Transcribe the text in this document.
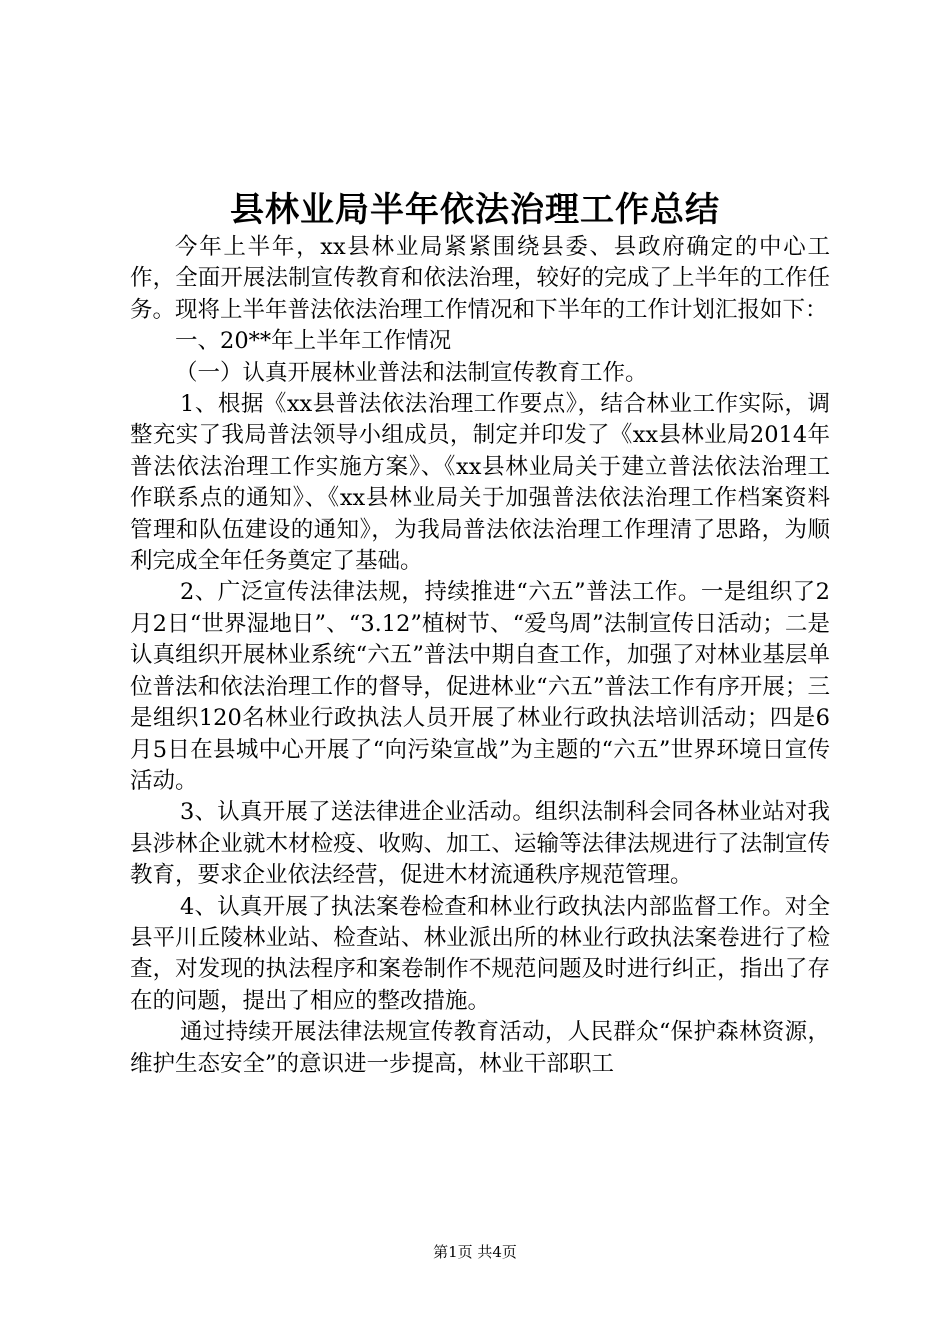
县林业局半年依法治理工作总结

今年上半年，xx县林业局紧紧围绕县委、县政府确定的中心工作，全面开展法制宣传教育和依法治理，较好的完成了上半年的工作任务。现将上半年普法依法治理工作情况和下半年的工作计划汇报如下：

一、20**年上半年工作情况

（一）认真开展林业普法和法制宣传教育工作。

1、根据《xx县普法依法治理工作要点》，结合林业工作实际，调整充实了我局普法领导小组成员，制定并印发了《xx县林业局2014年普法依法治理工作实施方案》、《xx县林业局关于建立普法依法治理工作联系点的通知》、《xx县林业局关于加强普法依法治理工作档案资料管理和队伍建设的通知》，为我局普法依法治理工作理清了思路，为顺利完成全年任务奠定了基础。

2、广泛宣传法律法规，持续推进“六五”普法工作。一是组织了2月2日“世界湿地日”、“3.12”植树节、“爱鸟周”法制宣传日活动；二是认真组织开展林业系统“六五”普法中期自查工作，加强了对林业基层单位普法和依法治理工作的督导，促进林业“六五”普法工作有序开展；三是组织120名林业行政执法人员开展了林业行政执法培训活动；四是6月5日在县城中心开展了“向污染宣战”为主题的“六五”世界环境日宣传活动。

3、认真开展了送法律进企业活动。组织法制科会同各林业站对我县涉林企业就木材检疫、收购、加工、运输等法律法规进行了法制宣传教育，要求企业依法经营，促进木材流通秩序规范管理。

4、认真开展了执法案卷检查和林业行政执法内部监督工作。对全县平川丘陵林业站、检查站、林业派出所的林业行政执法案卷进行了检查，对发现的执法程序和案卷制作不规范问题及时进行纠正，指出了存在的问题，提出了相应的整改措施。

通过持续开展法律法规宣传教育活动，人民群众“保护森林资源，维护生态安全”的意识进一步提高，林业干部职工

第1页 共4页
